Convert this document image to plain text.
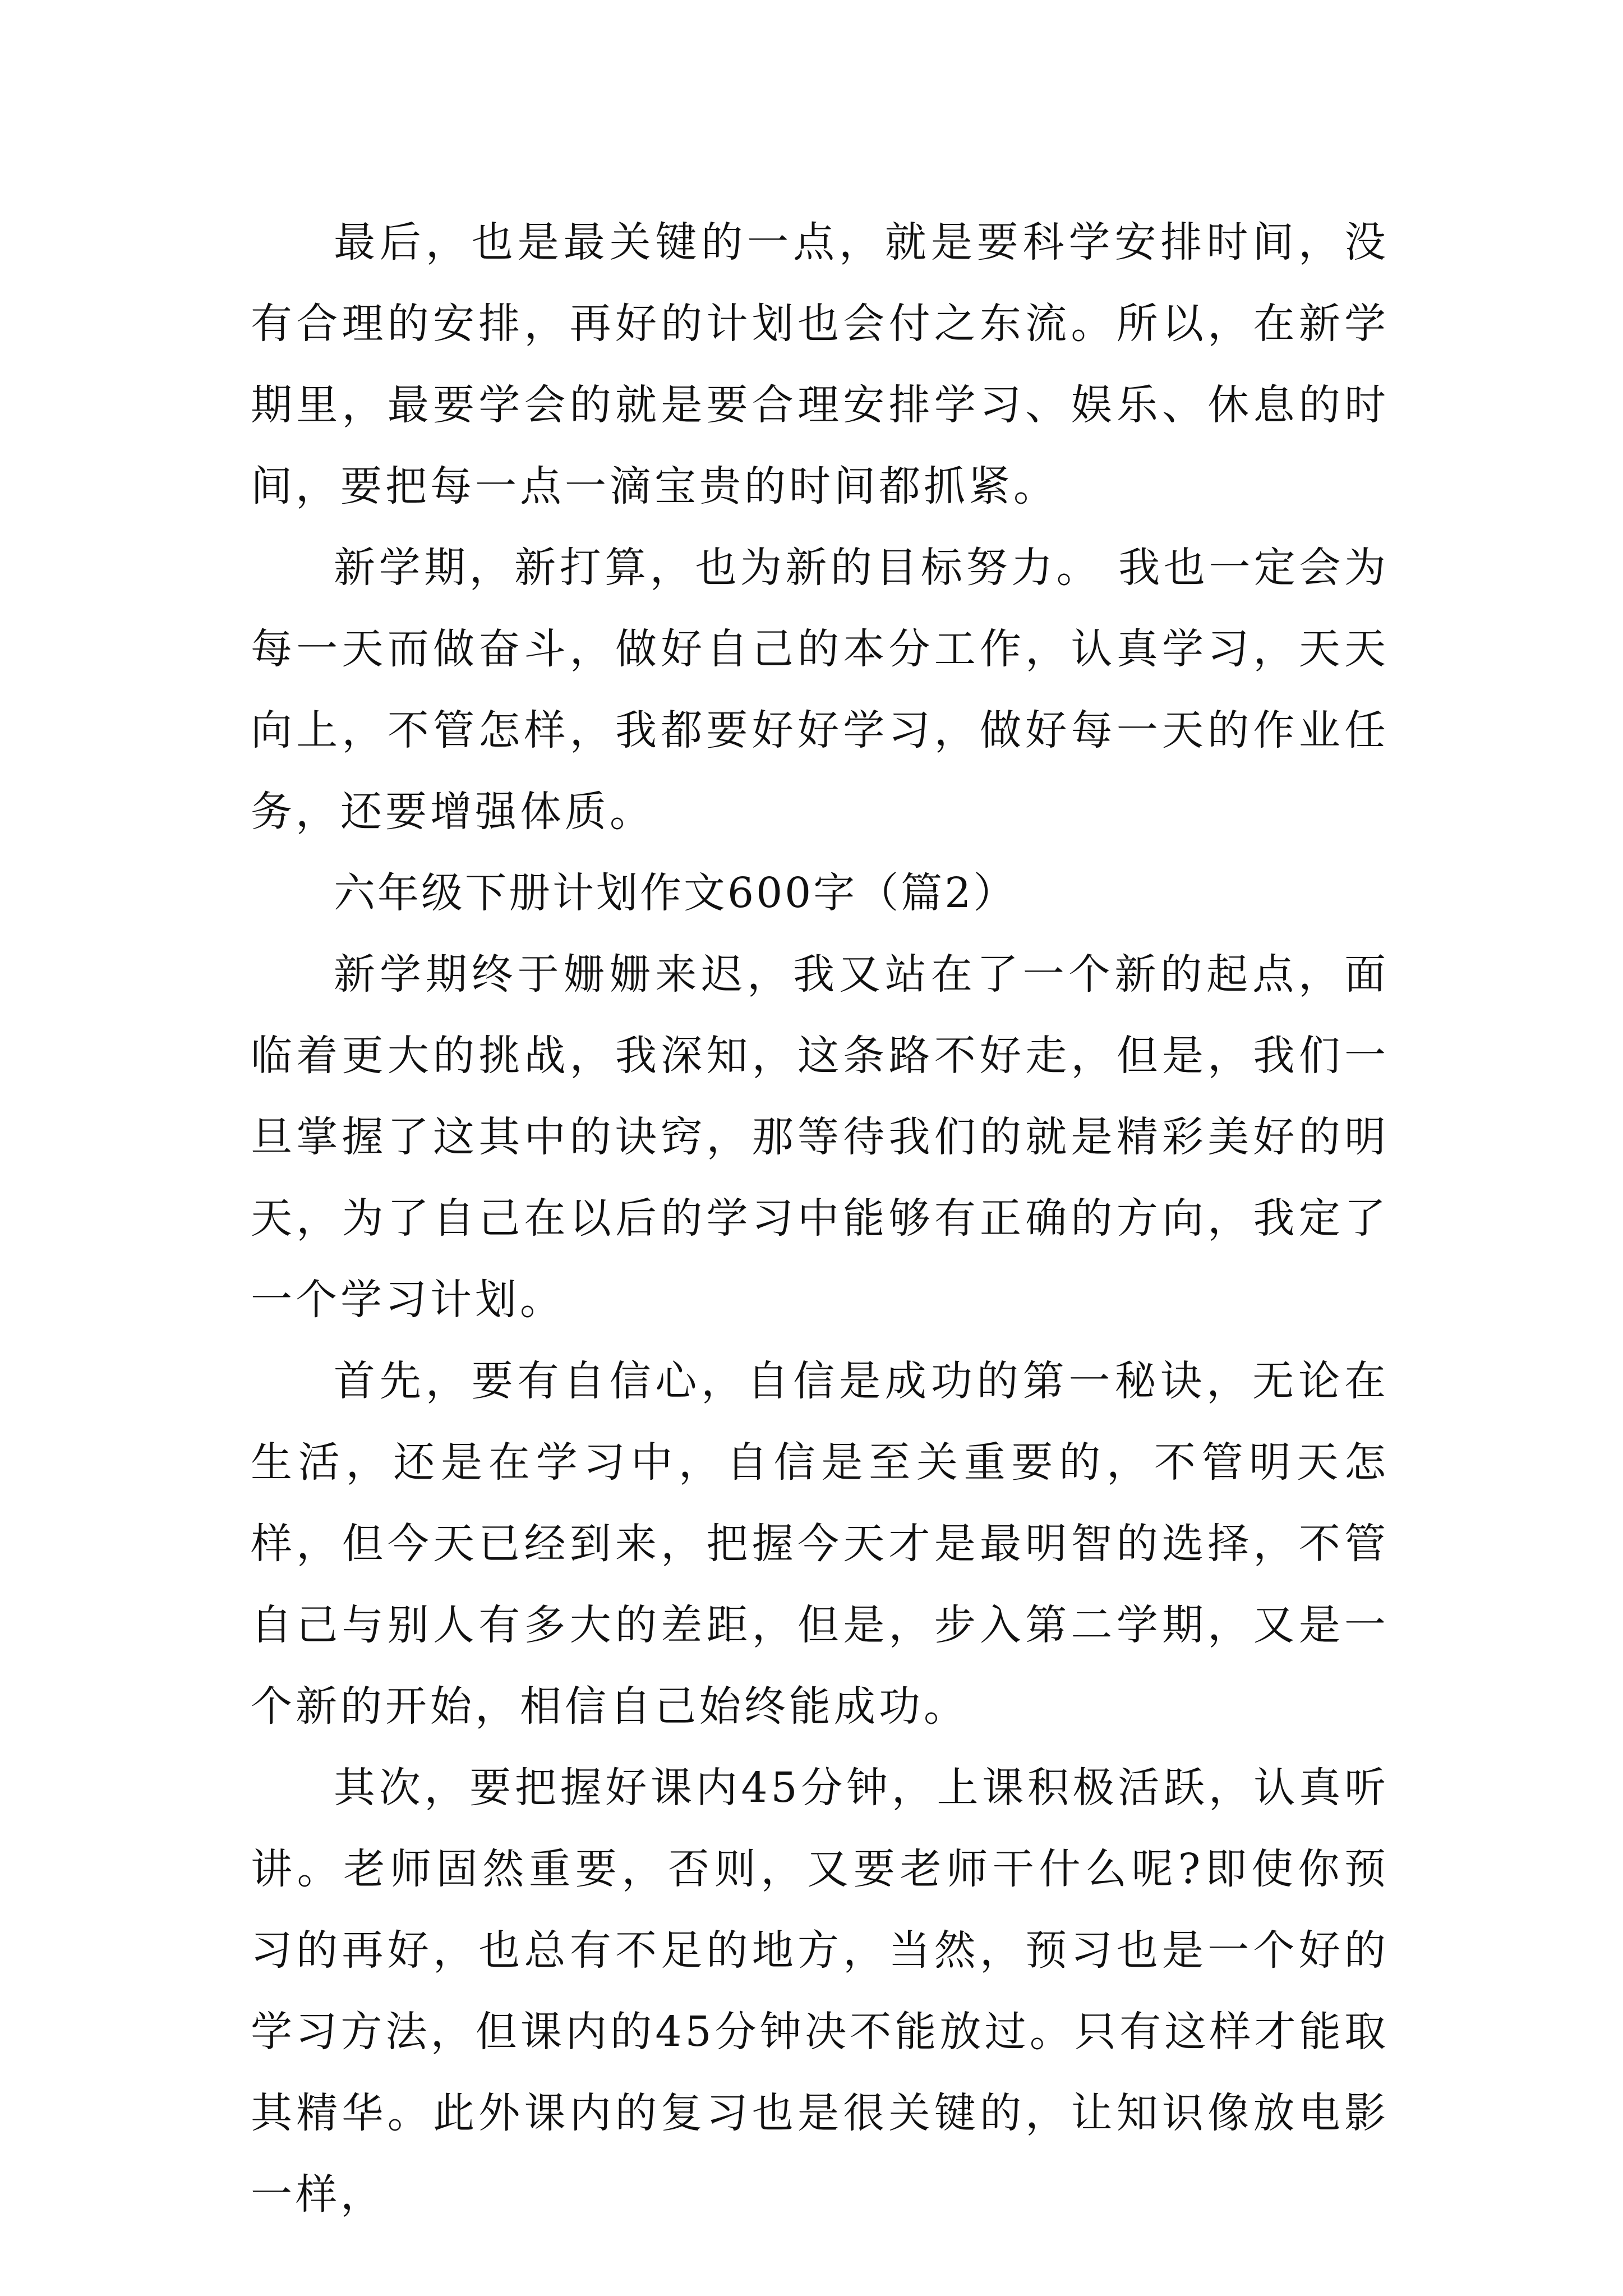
最后，也是最关键的一点，就是要科学安排时间，没有合理的安排，再好的计划也会付之东流。所以，在新学期里，最要学会的就是要合理安排学习、娱乐、休息的时间，要把每一点一滴宝贵的时间都抓紧。

新学期，新打算，也为新的目标努力。 我也一定会为每一天而做奋斗，做好自己的本分工作，认真学习，天天向上，不管怎样，我都要好好学习，做好每一天的作业任务，还要增强体质。

六年级下册计划作文600字（篇2）

新学期终于姗姗来迟，我又站在了一个新的起点，面临着更大的挑战，我深知，这条路不好走，但是，我们一旦掌握了这其中的诀窍，那等待我们的就是精彩美好的明天，为了自己在以后的学习中能够有正确的方向，我定了一个学习计划。

首先，要有自信心，自信是成功的第一秘诀，无论在生活，还是在学习中，自信是至关重要的，不管明天怎样，但今天已经到来，把握今天才是最明智的选择，不管自己与别人有多大的差距，但是，步入第二学期，又是一个新的开始，相信自己始终能成功。

其次，要把握好课内45分钟，上课积极活跃，认真听讲。老师固然重要，否则，又要老师干什么呢?即使你预习的再好，也总有不足的地方，当然，预习也是一个好的学习方法，但课内的45分钟决不能放过。只有这样才能取其精华。此外课内的复习也是很关键的，让知识像放电影一样，
